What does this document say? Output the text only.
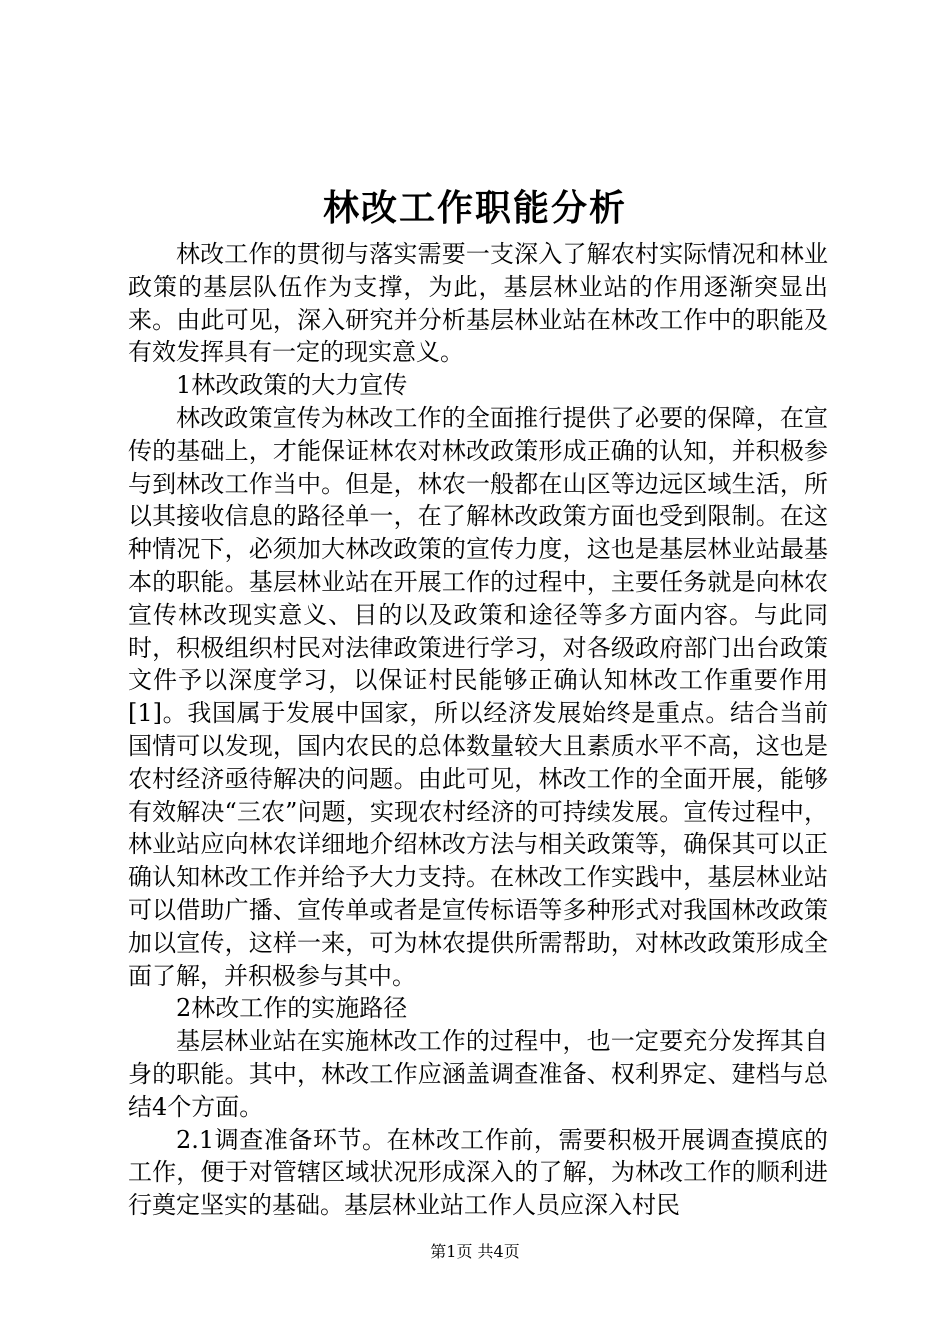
林改工作职能分析

林改工作的贯彻与落实需要一支深入了解农村实际情况和林业政策的基层队伍作为支撑，为此，基层林业站的作用逐渐突显出来。由此可见，深入研究并分析基层林业站在林改工作中的职能及有效发挥具有一定的现实意义。

1林改政策的大力宣传

林改政策宣传为林改工作的全面推行提供了必要的保障，在宣传的基础上，才能保证林农对林改政策形成正确的认知，并积极参与到林改工作当中。但是，林农一般都在山区等边远区域生活，所以其接收信息的路径单一，在了解林改政策方面也受到限制。在这种情况下，必须加大林改政策的宣传力度，这也是基层林业站最基本的职能。基层林业站在开展工作的过程中，主要任务就是向林农宣传林改现实意义、目的以及政策和途径等多方面内容。与此同时，积极组织村民对法律政策进行学习，对各级政府部门出台政策文件予以深度学习，以保证村民能够正确认知林改工作重要作用[1]。我国属于发展中国家，所以经济发展始终是重点。结合当前国情可以发现，国内农民的总体数量较大且素质水平不高，这也是农村经济亟待解决的问题。由此可见，林改工作的全面开展，能够有效解决“三农”问题，实现农村经济的可持续发展。宣传过程中，林业站应向林农详细地介绍林改方法与相关政策等，确保其可以正确认知林改工作并给予大力支持。在林改工作实践中，基层林业站可以借助广播、宣传单或者是宣传标语等多种形式对我国林改政策加以宣传，这样一来，可为林农提供所需帮助，对林改政策形成全面了解，并积极参与其中。

2林改工作的实施路径

基层林业站在实施林改工作的过程中，也一定要充分发挥其自身的职能。其中，林改工作应涵盖调查准备、权利界定、建档与总结4个方面。

2.1调查准备环节。在林改工作前，需要积极开展调查摸底的工作，便于对管辖区域状况形成深入的了解，为林改工作的顺利进行奠定坚实的基础。基层林业站工作人员应深入村民

第1页 共4页
